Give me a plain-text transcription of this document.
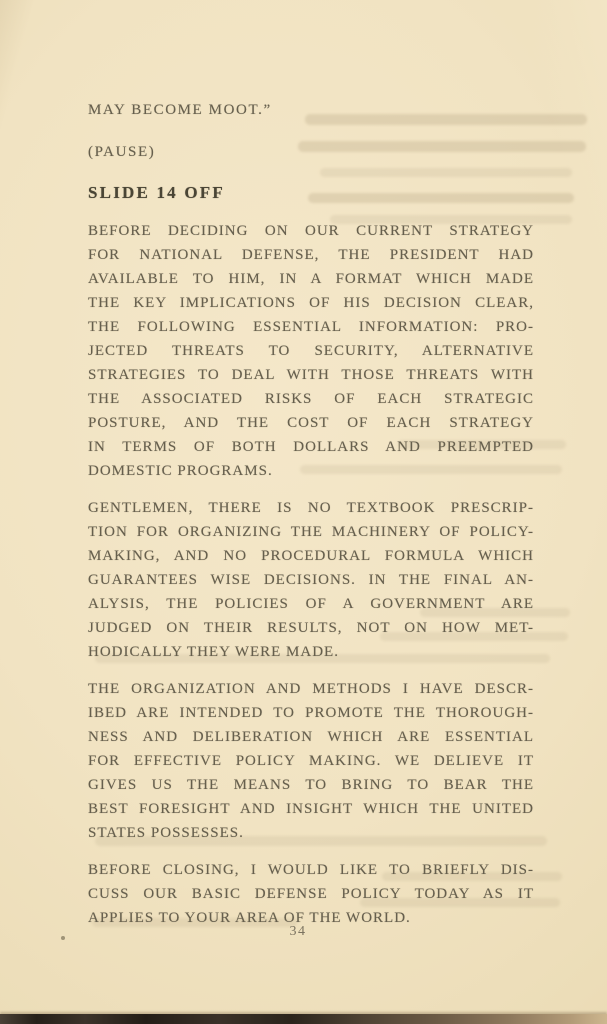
MAY BECOME MOOT.”
(PAUSE)
SLIDE 14 OFF
BEFORE DECIDING ON OUR CURRENT STRATEGY
FOR NATIONAL DEFENSE, THE PRESIDENT HAD
AVAILABLE TO HIM, IN A FORMAT WHICH MADE
THE KEY IMPLICATIONS OF HIS DECISION CLEAR,
THE FOLLOWING ESSENTIAL INFORMATION: PRO-
JECTED THREATS TO SECURITY, ALTERNATIVE
STRATEGIES TO DEAL WITH THOSE THREATS WITH
THE ASSOCIATED RISKS OF EACH STRATEGIC
POSTURE, AND THE COST OF EACH STRATEGY
IN TERMS OF BOTH DOLLARS AND PREEMPTED
DOMESTIC PROGRAMS.
GENTLEMEN, THERE IS NO TEXTBOOK PRESCRIP-
TION FOR ORGANIZING THE MACHINERY OF POLICY-
MAKING, AND NO PROCEDURAL FORMULA WHICH
GUARANTEES WISE DECISIONS. IN THE FINAL AN-
ALYSIS, THE POLICIES OF A GOVERNMENT ARE
JUDGED ON THEIR RESULTS, NOT ON HOW MET-
HODICALLY THEY WERE MADE.
THE ORGANIZATION AND METHODS I HAVE DESCR-
IBED ARE INTENDED TO PROMOTE THE THOROUGH-
NESS AND DELIBERATION WHICH ARE ESSENTIAL
FOR EFFECTIVE POLICY MAKING. WE DELIEVE IT
GIVES US THE MEANS TO BRING TO BEAR THE
BEST FORESIGHT AND INSIGHT WHICH THE UNITED
STATES POSSESSES.
BEFORE CLOSING, I WOULD LIKE TO BRIEFLY DIS-
CUSS OUR BASIC DEFENSE POLICY TODAY AS IT
APPLIES TO YOUR AREA OF THE WORLD.
34
